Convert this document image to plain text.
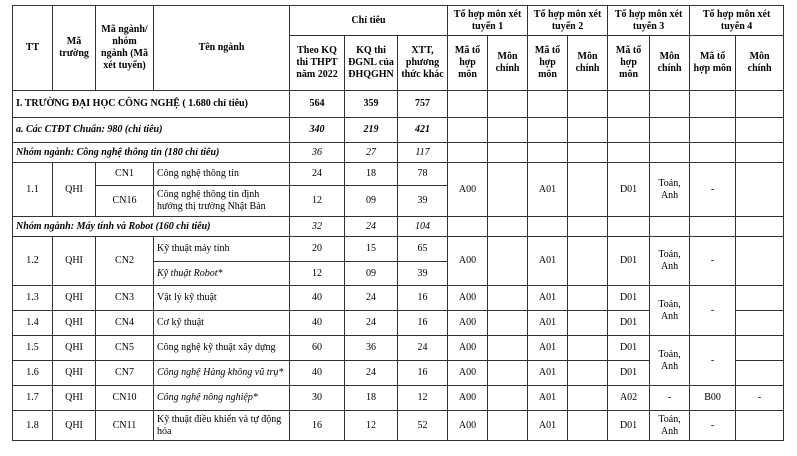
TT	Mã trường	Mã ngành/ nhóm ngành (Mã xét tuyển)	Tên ngành	Chỉ tiêu			Tổ hợp môn xét tuyển 1		Tổ hợp môn xét tuyển 2		Tổ hợp môn xét tuyển 3		Tổ hợp môn xét tuyển 4	
				Theo KQ thi THPT năm 2022	KQ thi ĐGNL của ĐHQGHN	XTT, phương thức khác	Mã tổ hợp môn	Môn chính	Mã tổ hợp môn	Môn chính	Mã tổ hợp môn	Môn chính	Mã tổ hợp môn	Môn chính
I. TRƯỜNG ĐẠI HỌC CÔNG NGHỆ ( 1.680 chỉ tiêu)				564	359	757								
a. Các CTĐT Chuẩn: 980 (chỉ tiêu)				340	219	421								
Nhóm ngành: Công nghệ thông tin (180 chỉ tiêu)				36	27	117								
1.1	QHI	CN1	Công nghệ thông tin	24	18	78	A00		A01		D01	Toán, Anh	-	
		CN16	Công nghệ thông tin định hướng thị trường Nhật Bản	12	09	39								
Nhóm ngành: Máy tính và Robot (160 chỉ tiêu)				32	24	104								
1.2	QHI	CN2	Kỹ thuật máy tính	20	15	65	A00		A01		D01	Toán, Anh	-	
			Kỹ thuật Robot*	12	09	39								
1.3	QHI	CN3	Vật lý kỹ thuật	40	24	16	A00		A01		D01	Toán, Anh	-	
1.4	QHI	CN4	Cơ kỹ thuật	40	24	16	A00		A01		D01			
1.5	QHI	CN5	Công nghệ kỹ thuật xây dựng	60	36	24	A00		A01		D01	Toán, Anh	-	
1.6	QHI	CN7	Công nghệ Hàng không vũ trụ*	40	24	16	A00		A01		D01			
1.7	QHI	CN10	Công nghệ nông nghiệp*	30	18	12	A00		A01		A02	-	B00	-
1.8	QHI	CN11	Kỹ thuật điều khiển và tự động hóa	16	12	52	A00		A01		D01	Toán, Anh	-	
